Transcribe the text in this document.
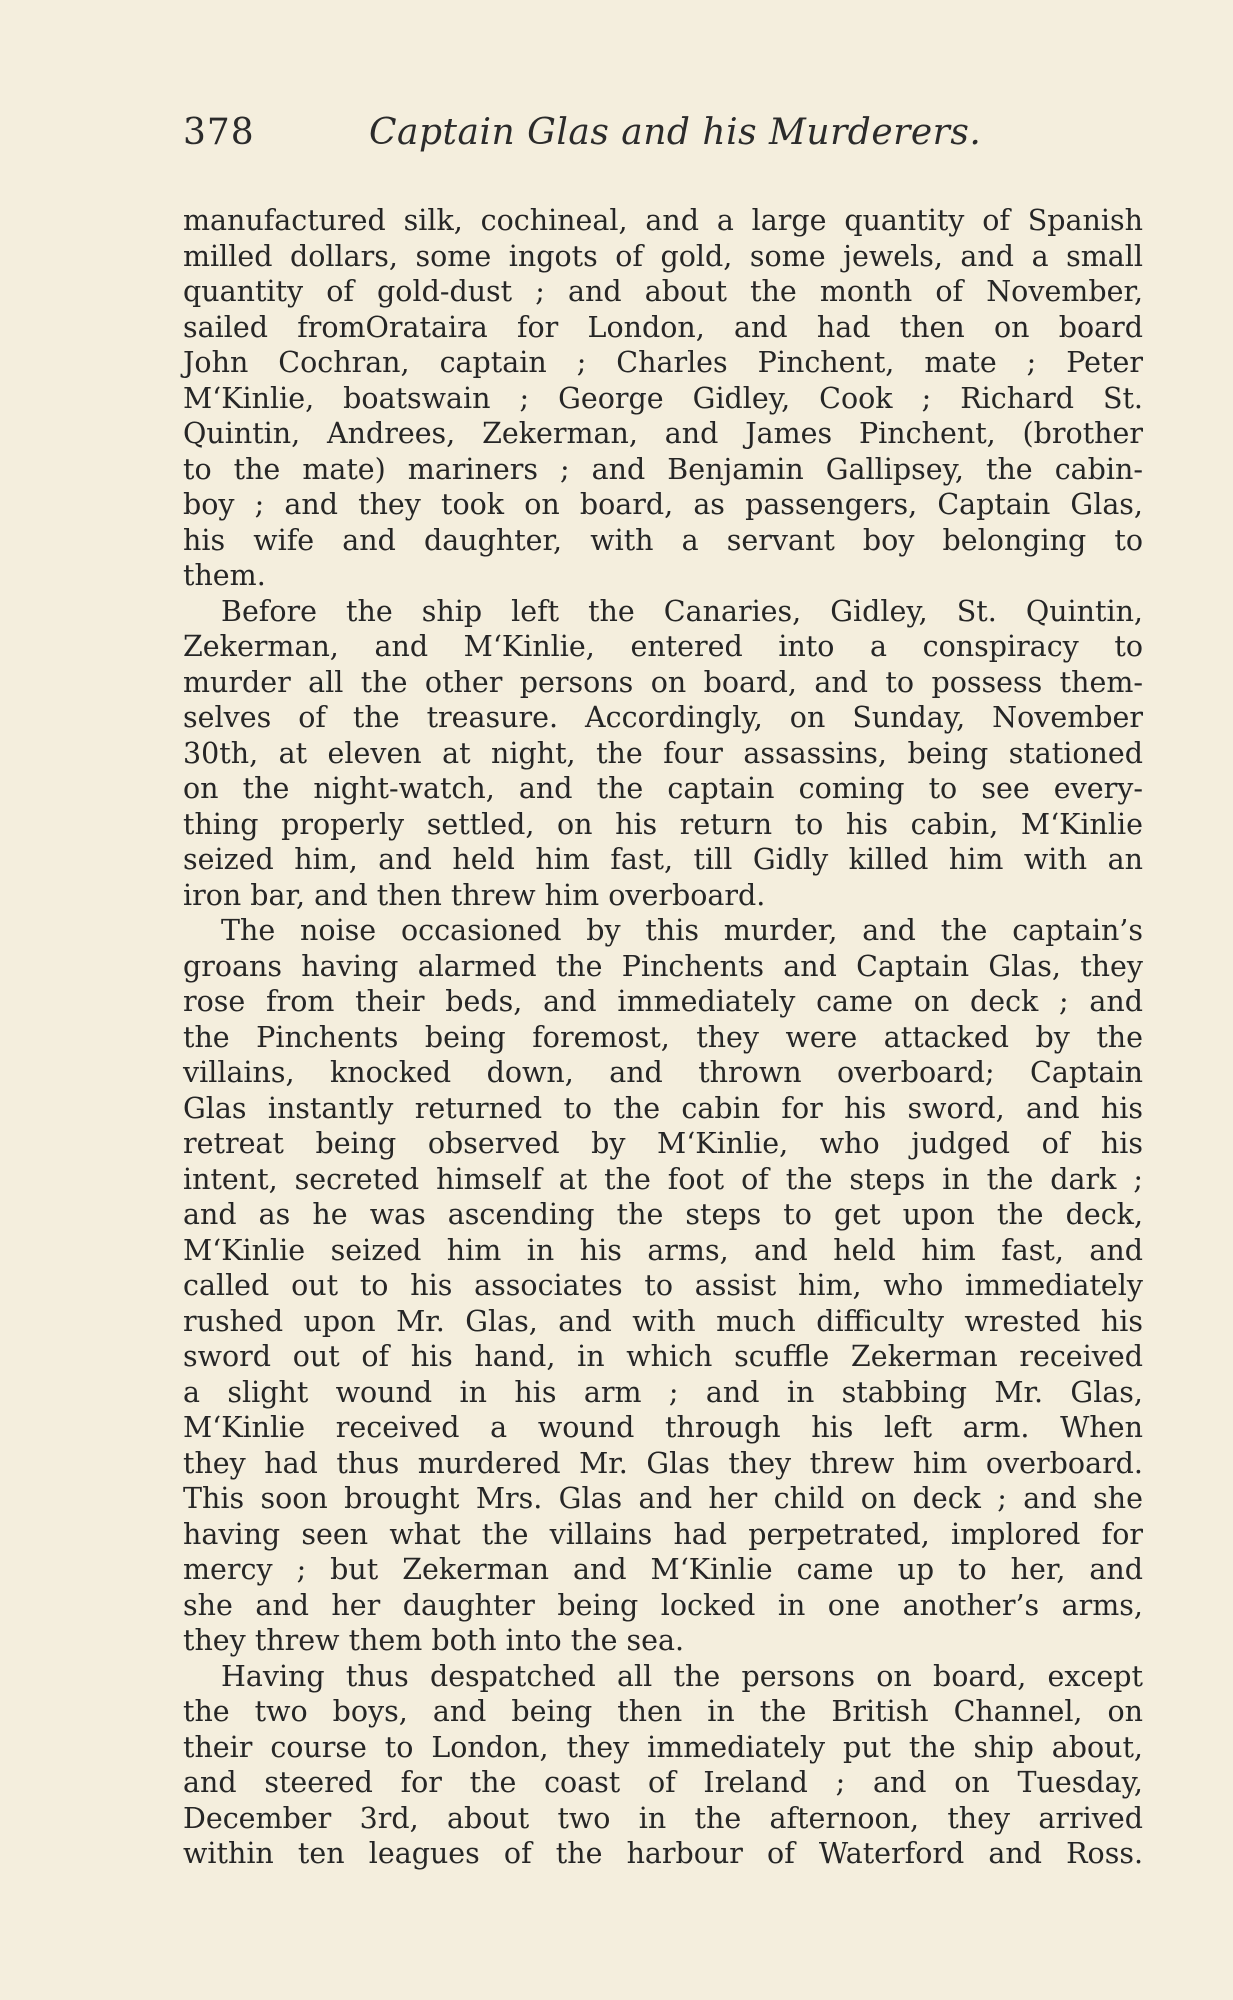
378	Captain Glas and his Murderers.
manufactured silk, cochineal, and a large quantity of Spanish
milled dollars, some ingots of gold, some jewels, and a small
quantity of gold-dust ; and about the month of November,
sailed fromOrataira for London, and had then on board
John Cochran, captain ; Charles Pinchent, mate ; Peter
M‘Kinlie, boatswain ; George Gidley, Cook ; Richard St.
Quintin, Andrees, Zekerman, and James Pinchent, (brother
to the mate) mariners ; and Benjamin Gallipsey, the cabin-
boy ; and they took on board, as passengers, Captain Glas,
his wife and daughter, with a servant boy belonging to
them.
Before the ship left the Canaries, Gidley, St. Quintin,
Zekerman, and M‘Kinlie, entered into a conspiracy to
murder all the other persons on board, and to possess them-
selves of the treasure. Accordingly, on Sunday, November
30th, at eleven at night, the four assassins, being stationed
on the night-watch, and the captain coming to see every-
thing properly settled, on his return to his cabin, M‘Kinlie
seized him, and held him fast, till Gidly killed him with an
iron bar, and then threw him overboard.
The noise occasioned by this murder, and the captain’s
groans having alarmed the Pinchents and Captain Glas, they
rose from their beds, and immediately came on deck ; and
the Pinchents being foremost, they were attacked by the
villains, knocked down, and thrown overboard; Captain
Glas instantly returned to the cabin for his sword, and his
retreat being observed by M‘Kinlie, who judged of his
intent, secreted himself at the foot of the steps in the dark ;
and as he was ascending the steps to get upon the deck,
M‘Kinlie seized him in his arms, and held him fast, and
called out to his associates to assist him, who immediately
rushed upon Mr. Glas, and with much difficulty wrested his
sword out of his hand, in which scuffle Zekerman received
a slight wound in his arm ; and in stabbing Mr. Glas,
M‘Kinlie received a wound through his left arm. When
they had thus murdered Mr. Glas they threw him overboard.
This soon brought Mrs. Glas and her child on deck ; and she
having seen what the villains had perpetrated, implored for
mercy ; but Zekerman and M‘Kinlie came up to her, and
she and her daughter being locked in one another’s arms,
they threw them both into the sea.
Having thus despatched all the persons on board, except
the two boys, and being then in the British Channel, on
their course to London, they immediately put the ship about,
and steered for the coast of Ireland ; and on Tuesday,
December 3rd, about two in the afternoon, they arrived
within ten leagues of the harbour of Waterford and Ross.
